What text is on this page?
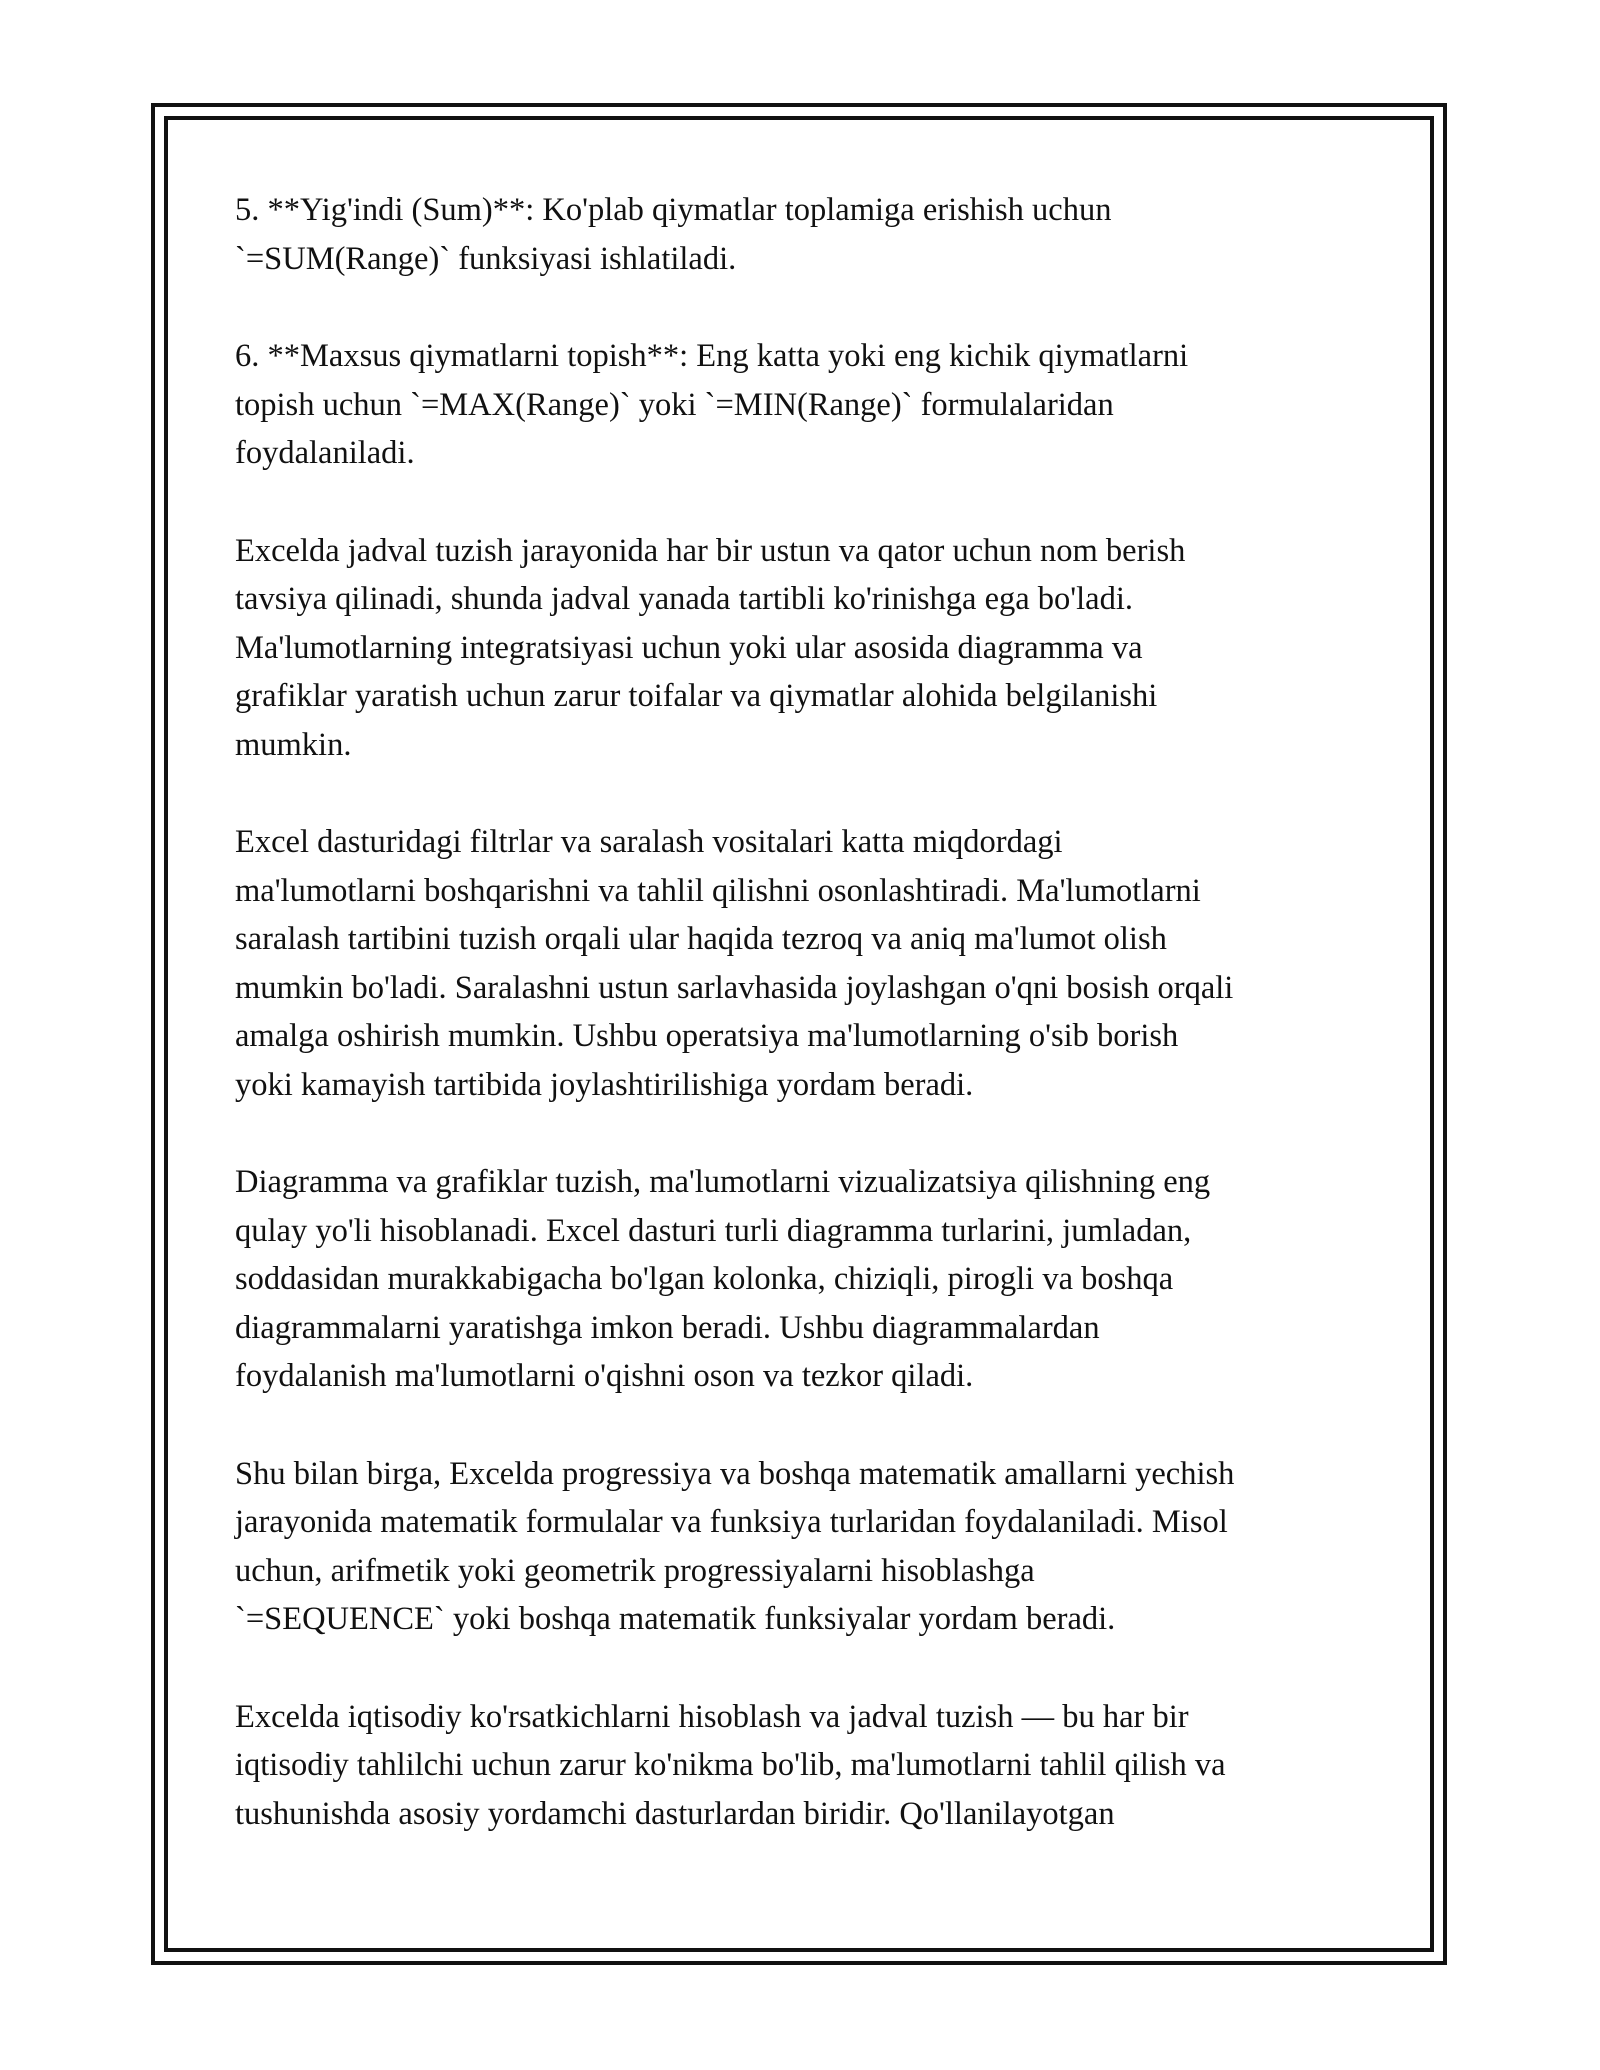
5. **Yig'indi (Sum)**: Ko'plab qiymatlar toplamiga erishish uchun
`=SUM(Range)` funksiyasi ishlatiladi.

6. **Maxsus qiymatlarni topish**: Eng katta yoki eng kichik qiymatlarni
topish uchun `=MAX(Range)` yoki `=MIN(Range)` formulalaridan
foydalaniladi.

Excelda jadval tuzish jarayonida har bir ustun va qator uchun nom berish
tavsiya qilinadi, shunda jadval yanada tartibli ko'rinishga ega bo'ladi.
Ma'lumotlarning integratsiyasi uchun yoki ular asosida diagramma va
grafiklar yaratish uchun zarur toifalar va qiymatlar alohida belgilanishi
mumkin.

Excel dasturidagi filtrlar va saralash vositalari katta miqdordagi
ma'lumotlarni boshqarishni va tahlil qilishni osonlashtiradi. Ma'lumotlarni
saralash tartibini tuzish orqali ular haqida tezroq va aniq ma'lumot olish
mumkin bo'ladi. Saralashni ustun sarlavhasida joylashgan o'qni bosish orqali
amalga oshirish mumkin. Ushbu operatsiya ma'lumotlarning o'sib borish
yoki kamayish tartibida joylashtirilishiga yordam beradi.

Diagramma va grafiklar tuzish, ma'lumotlarni vizualizatsiya qilishning eng
qulay yo'li hisoblanadi. Excel dasturi turli diagramma turlarini, jumladan,
soddasidan murakkabigacha bo'lgan kolonka, chiziqli, pirogli va boshqa
diagrammalarni yaratishga imkon beradi. Ushbu diagrammalardan
foydalanish ma'lumotlarni o'qishni oson va tezkor qiladi.

Shu bilan birga, Excelda progressiya va boshqa matematik amallarni yechish
jarayonida matematik formulalar va funksiya turlaridan foydalaniladi. Misol
uchun, arifmetik yoki geometrik progressiyalarni hisoblashga
`=SEQUENCE` yoki boshqa matematik funksiyalar yordam beradi.

Excelda iqtisodiy ko'rsatkichlarni hisoblash va jadval tuzish — bu har bir
iqtisodiy tahlilchi uchun zarur ko'nikma bo'lib, ma'lumotlarni tahlil qilish va
tushunishda asosiy yordamchi dasturlardan biridir. Qo'llanilayotgan
